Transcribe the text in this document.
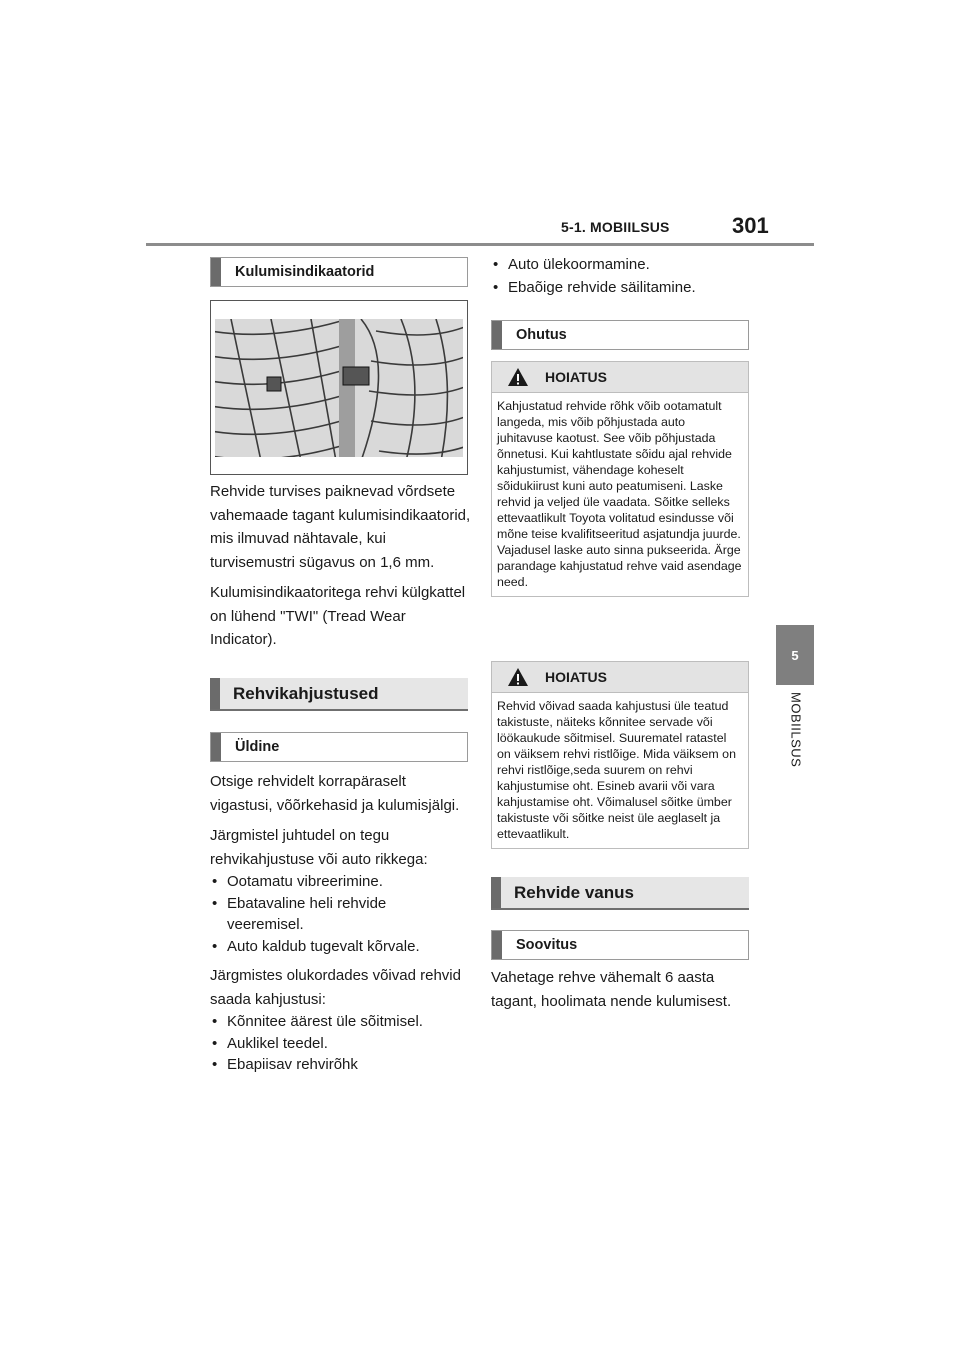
5-1. MOBIILSUS	301
5
MOBIILSUS
Kulumisindikaatorid

Rehvide turvises paiknevad võrdsete vahemaade tagant kulumisindikaatorid, mis ilmuvad nähtavale, kui turvisemustri sügavus on 1,6 mm.

Kulumisindikaatoritega rehvi külgkattel on lühend "TWI" (Tread Wear Indicator).

Rehvikahjustused
Üldine

Otsige rehvidelt korrapäraselt vigastusi, võõrkehasid ja kulumisjälgi.

Järgmistel juhtudel on tegu rehvikahjustuse või auto rikkega:

• Ootamatu vibreerimine.
• Ebatavaline heli rehvide veeremisel.
• Auto kaldub tugevalt kõrvale.

Järgmistes olukordades võivad rehvid saada kahjustusi:

• Kõnnitee äärest üle sõitmisel.
• Auklikel teedel.
• Ebapiisav rehvirõhk
• Auto ülekoormamine.
• Ebaõige rehvide säilitamine.
Ohutus
HOIATUS
Kahjustatud rehvide rõhk võib ootamatult langeda, mis võib põhjustada auto juhitavuse kaotust. See võib põhjustada õnnetusi. Kui kahtlustate sõidu ajal rehvide kahjustumist, vähendage koheselt sõidukiirust kuni auto peatumiseni. Laske rehvid ja veljed üle vaadata. Sõitke selleks ettevaatlikult Toyota volitatud esindusse või mõne teise kvalifitseeritud asjatundja juurde. Vajadusel laske auto sinna pukseerida. Ärge parandage kahjustatud rehve vaid asendage need.
HOIATUS
Rehvid võivad saada kahjustusi üle teatud takistuste, näiteks kõnnitee servade või löökaukude sõitmisel. Suurematel ratastel on väiksem rehvi ristlõige. Mida väiksem on rehvi ristlõige,seda suurem on rehvi kahjustumise oht. Esineb avarii või vara kahjustamise oht. Võimalusel sõitke ümber takistuste või sõitke neist üle aeglaselt ja ettevaatlikult.
Rehvide vanus
Soovitus

Vahetage rehve vähemalt 6 aasta tagant, hoolimata nende kulumisest.
